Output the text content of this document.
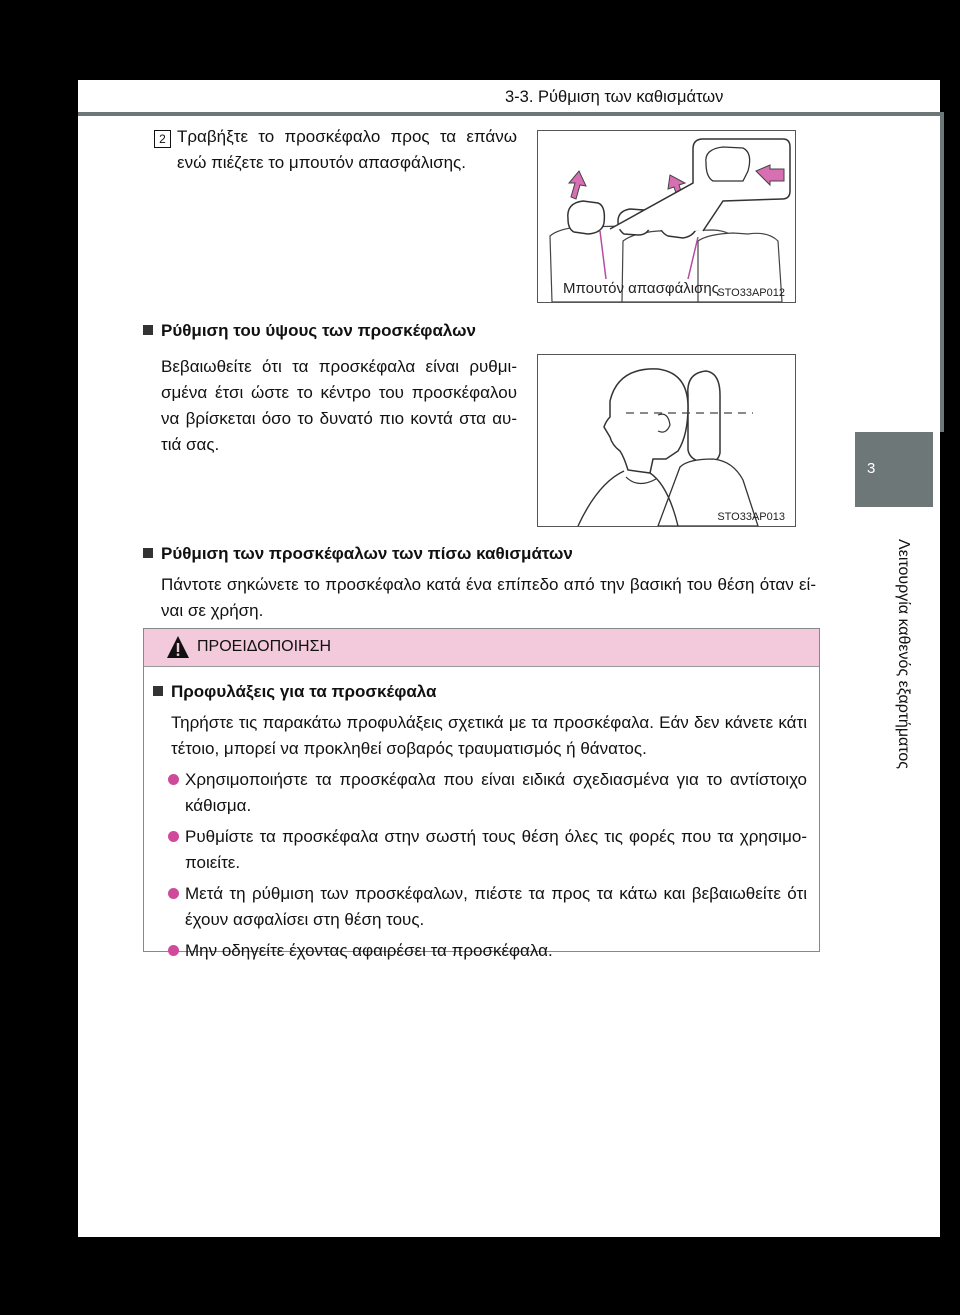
3-3. Ρύθμιση των καθισμάτων
3
Λειτουργία καθενός εξαρτήματος
2 Τραβήξτε το προσκέφαλο προς τα επάνω
ενώ πιέζετε το μπουτόν απασφάλισης.
Μπουτόν απασφάλισης
STO33AP012
Ρύθμιση του ύψους των προσκέφαλων
Βεβαιωθείτε ότι τα προσκέφαλα είναι ρυθμι-
σμένα έτσι ώστε το κέντρο του προσκέφαλου
να βρίσκεται όσο το δυνατό πιο κοντά στα αυ-
τιά σας.
STO33AP013
Ρύθμιση των προσκέφαλων των πίσω καθισμάτων
Πάντοτε σηκώνετε το προσκέφαλο κατά ένα επίπεδο από την βασική του θέση όταν εί-
ναι σε χρήση.
ΠΡΟΕΙΔΟΠΟΙΗΣΗ
Προφυλάξεις για τα προσκέφαλα
Τηρήστε τις παρακάτω προφυλάξεις σχετικά με τα προσκέφαλα. Εάν δεν κάνετε κάτι
τέτοιο, μπορεί να προκληθεί σοβαρός τραυματισμός ή θάνατος.
Χρησιμοποιήστε τα προσκέφαλα που είναι ειδικά σχεδιασμένα για το αντίστοιχο
κάθισμα.
Ρυθμίστε τα προσκέφαλα στην σωστή τους θέση όλες τις φορές που τα χρησιμο-
ποιείτε.
Μετά τη ρύθμιση των προσκέφαλων, πιέστε τα προς τα κάτω και βεβαιωθείτε ότι
έχουν ασφαλίσει στη θέση τους.
Μην οδηγείτε έχοντας αφαιρέσει τα προσκέφαλα.
